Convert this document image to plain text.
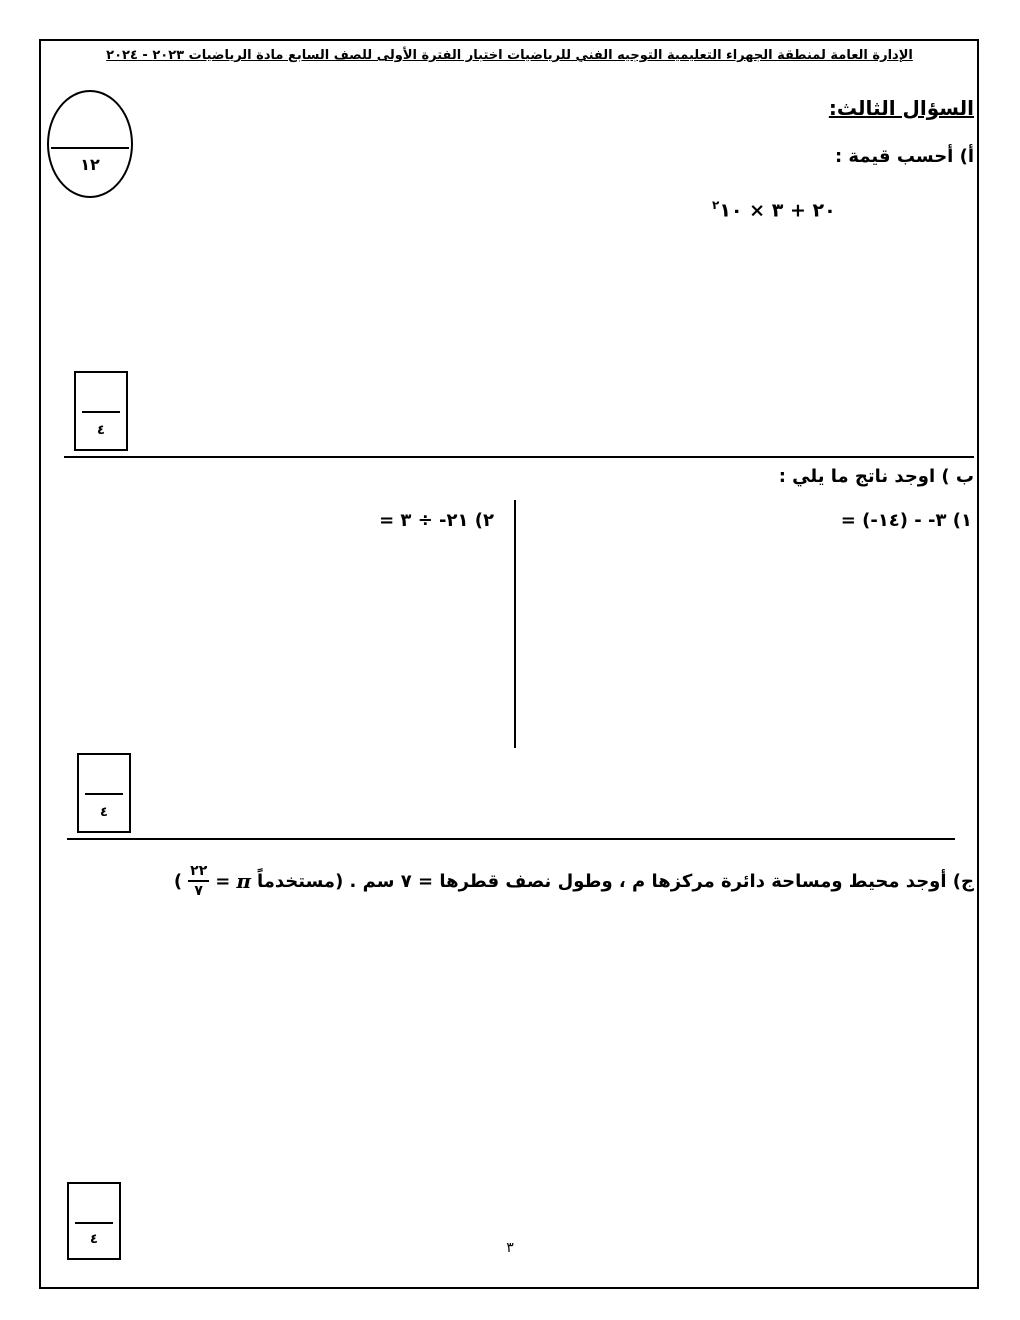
الإدارة العامة لمنطقة الجهراء التعليمية التوجيه الفني للرياضيات اختبار الفترة الأولى للصف السابع مادة الرياضيات ٢٠٢٣ - ٢٠٢٤
السؤال الثالث:
١٢	أ) أحسب قيمة :
٢٠ + ٣ × $^٢$١٠
٤
ب ) اوجد ناتج ما يلي :
١) ٣- - (١٤-) =
٢) ٢١- ÷ ٣ =
٤
ج) أوجد محيط ومساحة دائرة مركزها م ، وطول نصف قطرها = ٧ سم . (مستخدماً
π
=
$\frac{٢٢}{٧}$
)
٤
٣
